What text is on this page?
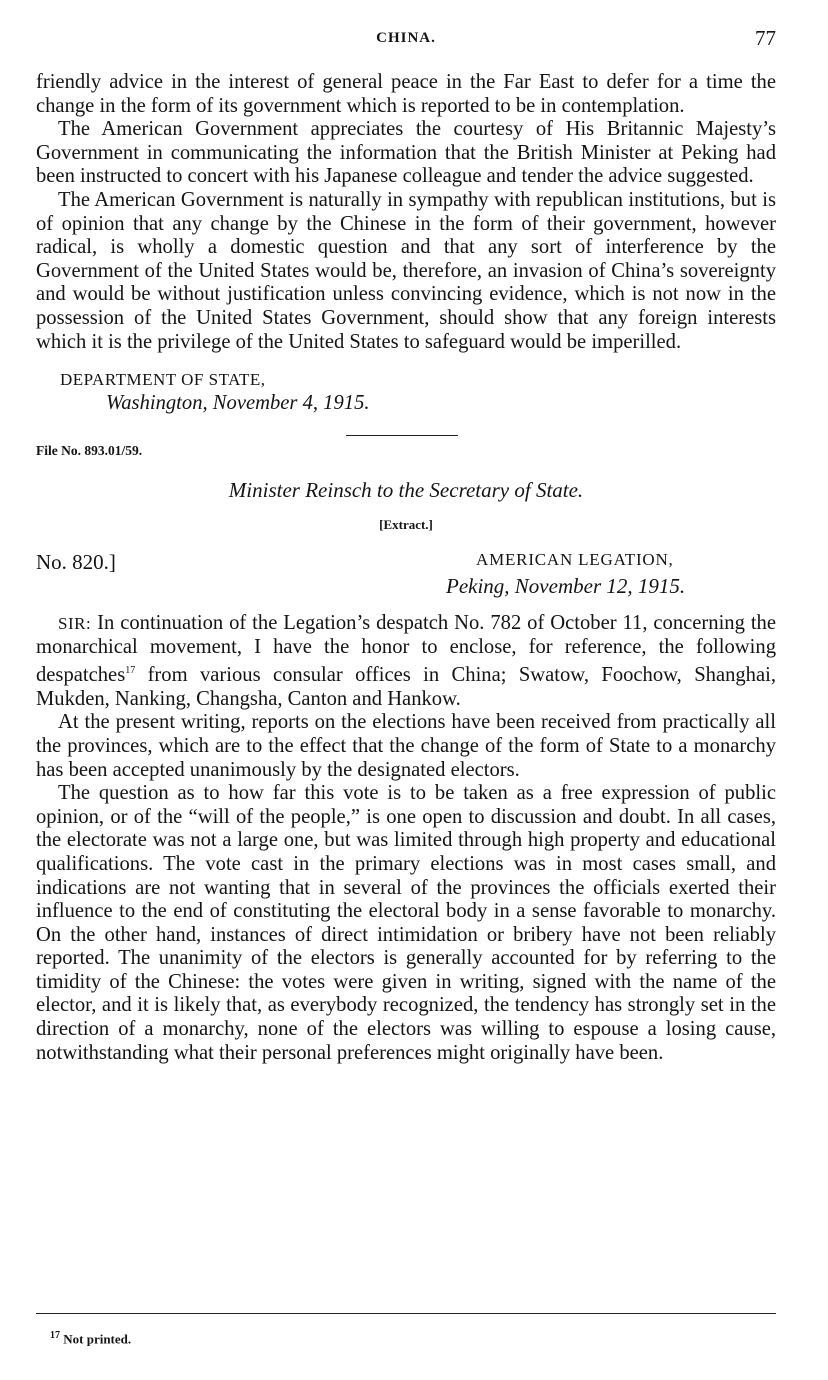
CHINA.	77

friendly advice in the interest of general peace in the Far East to defer for a time the change in the form of its government which is reported to be in contemplation.

The American Government appreciates the courtesy of His Britannic Majesty’s Government in communicating the information that the British Minister at Peking had been instructed to concert with his Japanese colleague and tender the advice suggested.

The American Government is naturally in sympathy with republican institutions, but is of opinion that any change by the Chinese in the form of their government, however radical, is wholly a domestic question and that any sort of interference by the Government of the United States would be, therefore, an invasion of China’s sovereignty and would be without justification unless convincing evidence, which is not now in the possession of the United States Government, should show that any foreign interests which it is the privilege of the United States to safeguard would be imperilled.

DEPARTMENT OF STATE,
Washington, November 4, 1915.
File No. 893.01/59.
Minister Reinsch to the Secretary of State.
[Extract.]
No. 820.]	AMERICAN LEGATION,
Peking, November 12, 1915.

SIR: In continuation of the Legation’s despatch No. 782 of October 11, concerning the monarchical movement, I have the honor to enclose, for reference, the following despatches$^{17}$ from various consular offices in China; Swatow, Foochow, Shanghai, Mukden, Nanking, Changsha, Canton and Hankow.

At the present writing, reports on the elections have been received from practically all the provinces, which are to the effect that the change of the form of State to a monarchy has been accepted unanimously by the designated electors.

The question as to how far this vote is to be taken as a free expression of public opinion, or of the “will of the people,” is one open to discussion and doubt. In all cases, the electorate was not a large one, but was limited through high property and educational qualifications. The vote cast in the primary elections was in most cases small, and indications are not wanting that in several of the provinces the officials exerted their influence to the end of constituting the electoral body in a sense favorable to monarchy. On the other hand, instances of direct intimidation or bribery have not been reliably reported. The unanimity of the electors is generally accounted for by referring to the timidity of the Chinese: the votes were given in writing, signed with the name of the elector, and it is likely that, as everybody recognized, the tendency has strongly set in the direction of a monarchy, none of the electors was willing to espouse a losing cause, notwithstanding what their personal preferences might originally have been.

$^{17}$ Not printed.
